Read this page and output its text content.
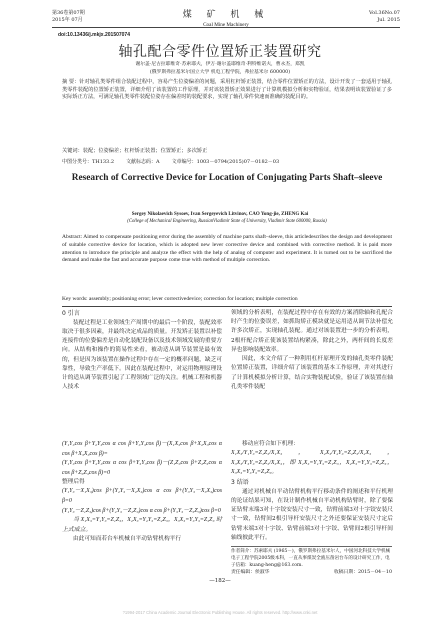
第36卷第07期
2015年 07月	煤 矿 机 械
Coal Mine Machinery
Vol.36No.07
Jul. 2015
doi:10.13436/j.mkjx.201507074
轴孔配合零件位置矫正装置研究
谢尔盖·尼古拉耶维奇·苏索耶夫，伊万·谢尔盖耶维奇·利特维诺夫，曹永杰，郑凯
(俄罗斯弗拉基米尔国立大学 机电工程学院，弗拉基米尔 600000)
摘 要：针对轴孔类零件组合装配过程中，容易产生位姿偏差的问题，采用杠杆矫正装置，结合零件位置矫正的方法，设计开发了一套适用于轴孔类零件装配的位置矫正装置，详细介绍了该装置的工作原理，并对该装置矫正效果进行了计算机模拟分析和实物验证，结果表明该装置验证了多实际矫正方法，可满足轴孔类零件装配位姿存在偏差时的装配要求，实现了轴孔零件快速而准确的装配目的。
关键词：装配；位姿偏差；杠杆矫正装置；位置矫正；多次矫正
中图分类号：TH133.2 文献标志码：A 文章编号：1003－0794(2015)07－0182－03
Research of Corrective Device for Location of Conjugating Parts Shaft–sleeve
Sergey Nikolaevich Sysoev, Ivan Sergeyevich Litvinov, CAO Yong-jie, ZHENG Kai
(College of Mechanical Engineering, RussianVladimir State of University, Vladimir State 600000, Russia)
Abstract: Aimed to compensate positioning error during the assembly of machine parts shaft–sleeve, this articledescribes the design and development of suitable corrective device for location, which is adopted new lever corrective device and combined with corrective method. It is paid more attention to introduce the principle and analyze the effect with the help of analog of computer and experiment. It is turned out to be sacrificed the demand and make the fast and accurate purpose come true with method of multiple correction.
Key words: assembly; positioning error; lever correctivedevice; correction for location; multiple correction
0 引言
装配过程是工业领域生产周期中的最后一个阶段，装配效率取决于很多因素，并最终决定成品的质量。开发矫正装置以补偿连接件的位姿偏差是自动化装配设备以及技术领域发展的重要方向。从结构和操作的简易性来看，被动适从调节装置是最有效的，但是因为该装置在操作过程中存在一定的概率问题，缺乏可靠性，导致生产率低下。因此在装配过程中，对运用物理原理设计的适从调节装置引起了工程领域广泛的关注。机械工程和机器人技术
(Y₁Y₃cos β+Y₂Y₃cos α cos β+Y₃Y₃cos β)－(X₁X₃cos β+X₂X₃cos α cos β+X₃X₃cos β)=
(Y₁Y₃cos β+Y₂Y₃cos α cos β+Y₃Y₃cos β)－(Z₁Z₃cos β+Z₂Z₃cos α cos β+Z₃Z₃cos β)=0
整理后得
(Y₁Y₃－X₁X₃)cos β+(Y₂Y₃－X₂X₃)cos α cos β+(Y₃Y₃－X₃X₃)cos β=0
(Y₁Y₃－Z₁Z₃)cos β+(Y₂Y₃－Z₂Z₃)cos α cos β+(Y₃Y₃－Z₃Z₃)cos β=0
当 X₁X₃=Y₁Y₃=Z₁Z₃，X₂X₃=Y₂Y₃=Z₂Z₃，X₃X₃=Y₃Y₃=Z₃Z₃ 时上式成立。
由此可知而若台车机械自平动钻臂机构平行
领域的分析表明，在装配过程中存在有效的方案消除轴和孔配合时产生的位姿误差，如抓钩矫正模块就是运用适从调节法补偿允许多次矫正，实现轴孔装配。通过对该装置进一步的分析表明，2根杆配合矫正使该装置结构紧凑，除此之外，两杆间的长度差异也影响装配效率。
因此，本文介绍了一种利用杠杆原理开发的轴孔类零件装配位置矫正装置，详细介绍了该装置的基本工作原理，并对其进行了计算机模拟分析计算，结合实物装配试验，验证了该装置在轴孔类零件装配
移动应符合如下机理：
X₁X₃/Y₁Y₃=Z₁Z₃/X₁X₃，X₂X₃/Y₂Y₃=Z₂Z₃/X₂X₃，X₃X₃/Y₃Y₃=Z₃Z₃/X₃X₃，即 X₁X₃=Y₁Y₃=Z₁Z₃，X₂X₃=Y₂Y₃=Z₂Z₃，X₃X₃=Y₃Y₃=Z₃Z₃。
3 结语
通过对机械自平动钻臂机构平行移动条件的阐述和平行机理的论证结果可知，在设计制作机械自平动机构钻臂时，除了要保证钻臂末端3对十字铰安装尺寸一致，钻臂前端3对十字铰安装尺寸一致，钻臂间2根引导杆安装尺寸之外还要保证安装尺寸定后钻臂末端3对十字铰、钻臂前端3对十字铰、钻臂间2根引导杆间轴线彼此平行。
作者简介：苏索耶夫 (1965－)，俄罗斯弗拉基米尔人，中国河北科技大学机械电子工程学院2005级本科，一直从事煤炭全液压凿岩台车的设计研究工作，电子信箱：kuang-heng@163.com.
责任编辑：侯淑华	收稿日期：2015－04－10
—182—
?1994-2017 China Academic Journal Electronic Publishing House. All rights reserved. http://www.cnki.net
